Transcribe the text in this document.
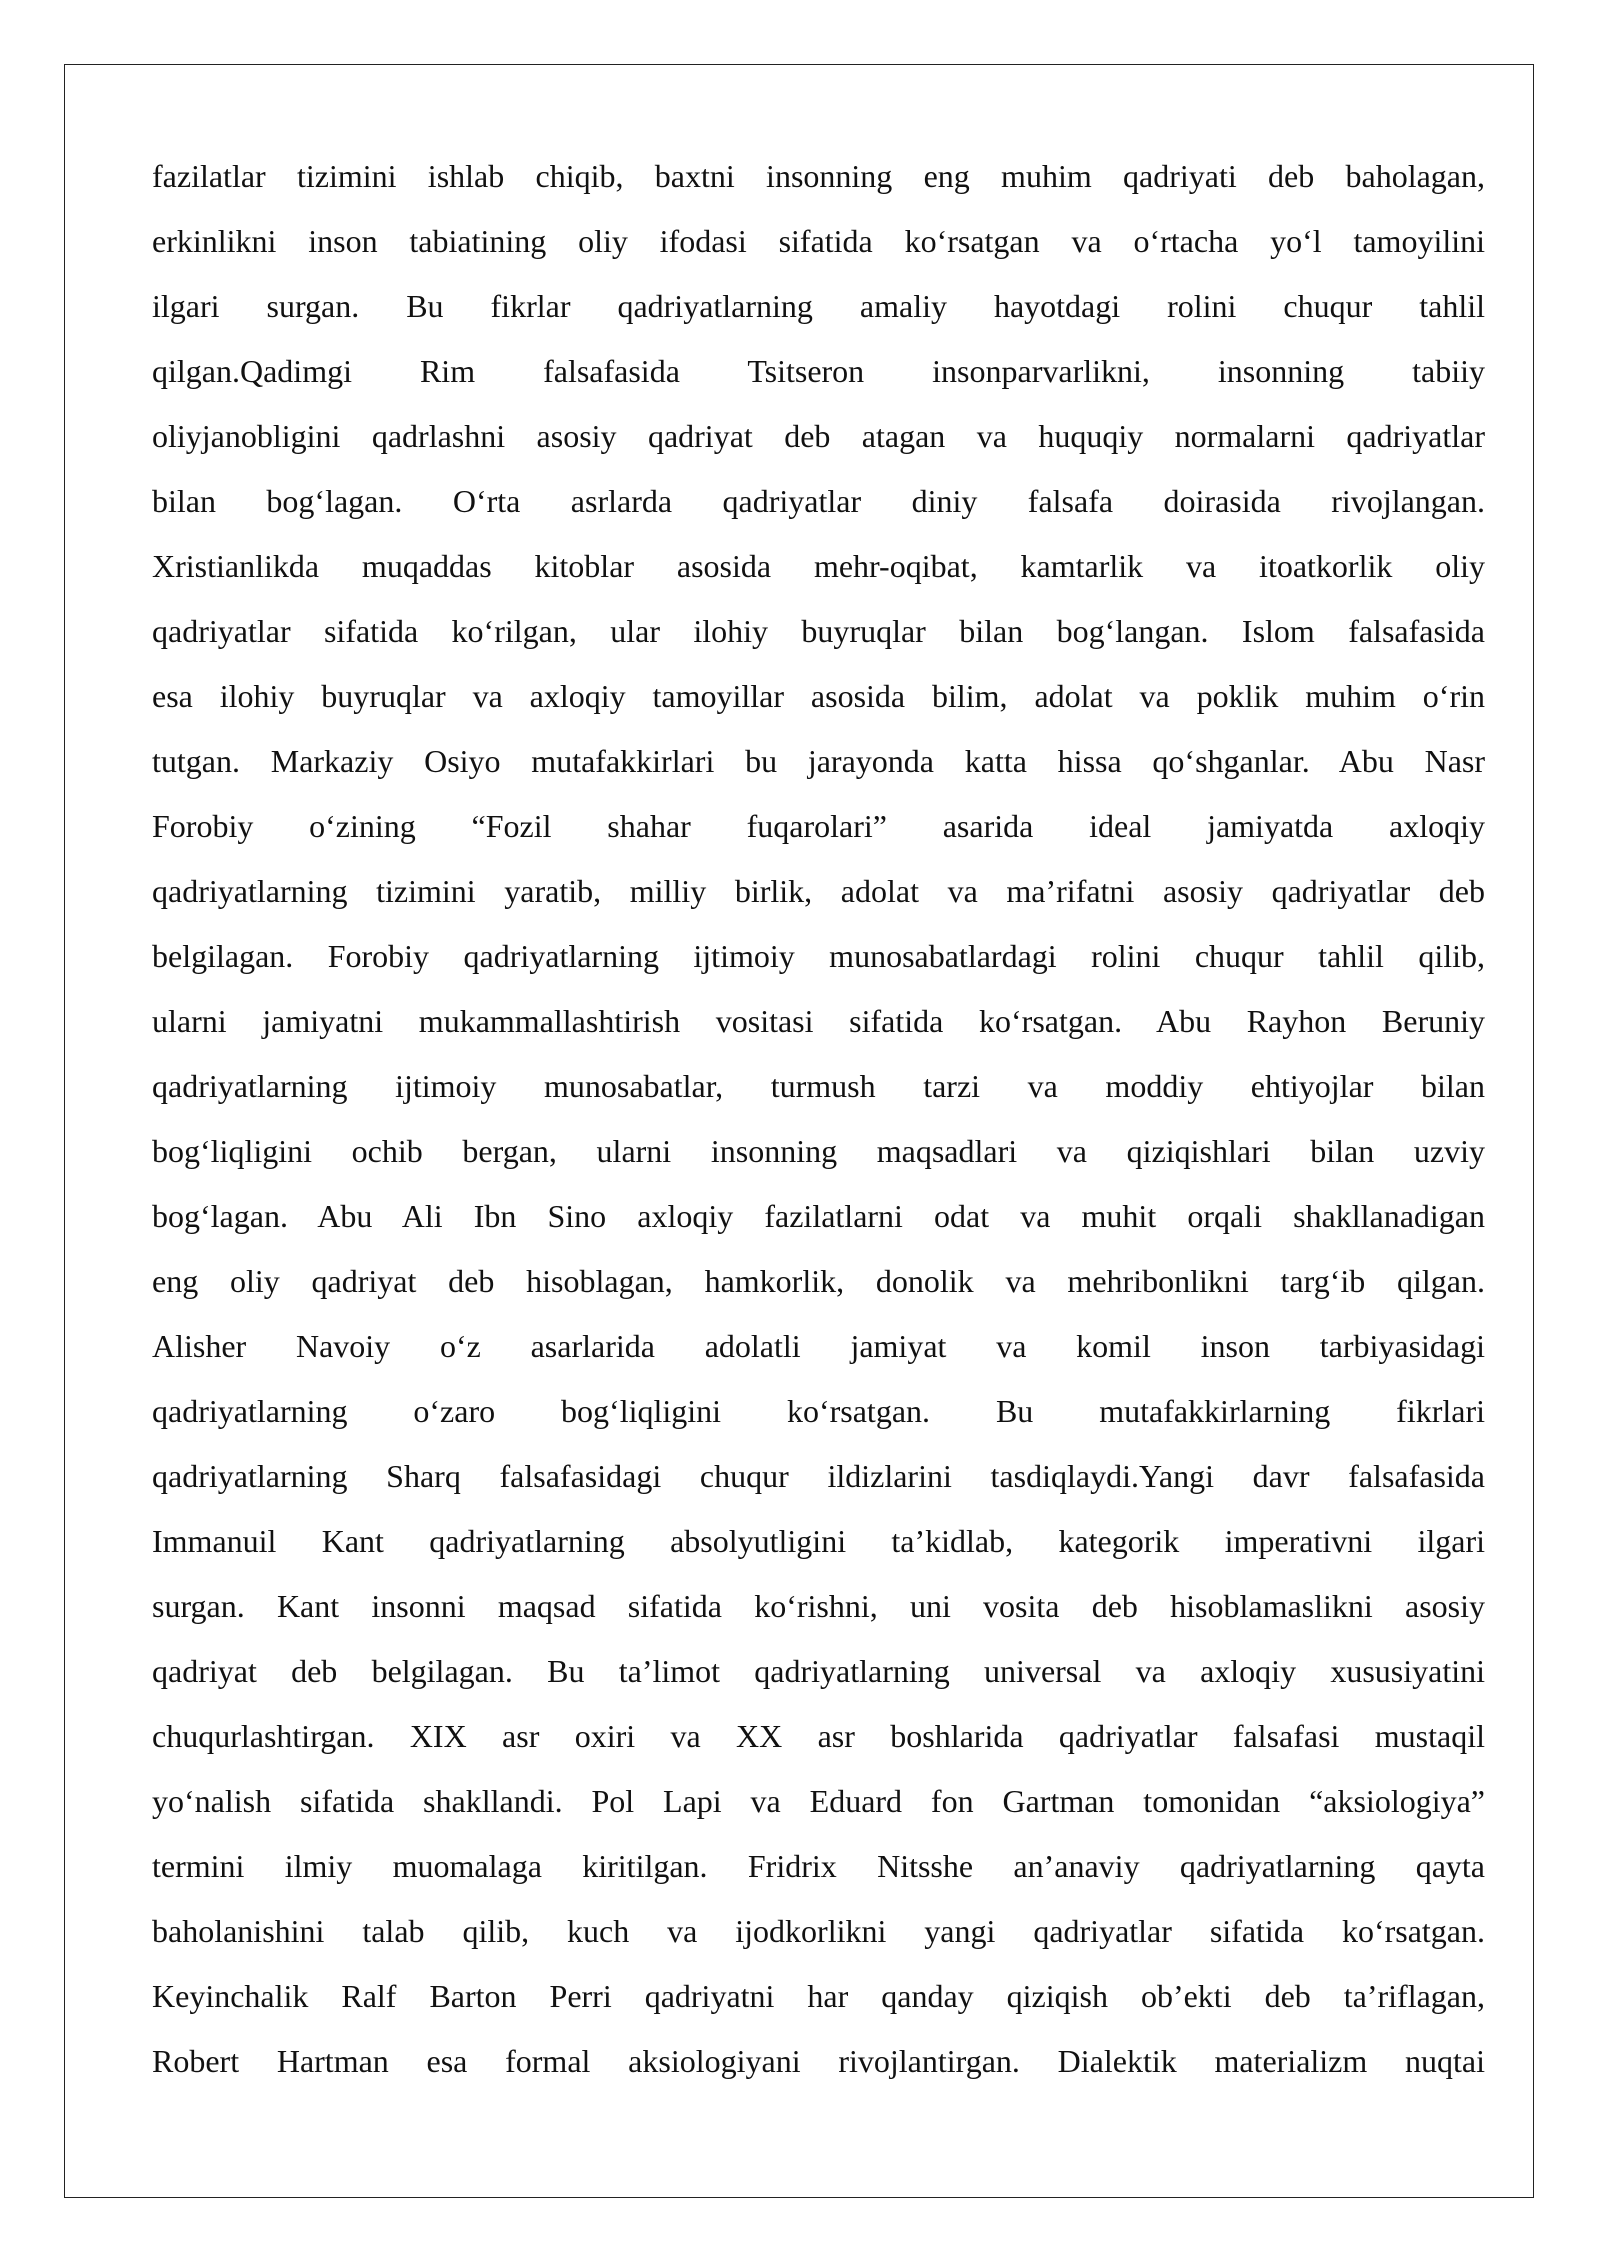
fazilatlar tizimini ishlab chiqib, baxtni insonning eng muhim qadriyati deb baholagan,
erkinlikni inson tabiatining oliy ifodasi sifatida ko‘rsatgan va o‘rtacha yo‘l tamoyilini
ilgari surgan. Bu fikrlar qadriyatlarning amaliy hayotdagi rolini chuqur tahlil
qilgan.Qadimgi Rim falsafasida Tsitseron insonparvarlikni, insonning tabiiy
oliyjanobligini qadrlashni asosiy qadriyat deb atagan va huquqiy normalarni qadriyatlar
bilan bog‘lagan. O‘rta asrlarda qadriyatlar diniy falsafa doirasida rivojlangan.
Xristianlikda muqaddas kitoblar asosida mehr-oqibat, kamtarlik va itoatkorlik oliy
qadriyatlar sifatida ko‘rilgan, ular ilohiy buyruqlar bilan bog‘langan. Islom falsafasida
esa ilohiy buyruqlar va axloqiy tamoyillar asosida bilim, adolat va poklik muhim o‘rin
tutgan. Markaziy Osiyo mutafakkirlari bu jarayonda katta hissa qo‘shganlar. Abu Nasr
Forobiy o‘zining “Fozil shahar fuqarolari” asarida ideal jamiyatda axloqiy
qadriyatlarning tizimini yaratib, milliy birlik, adolat va ma’rifatni asosiy qadriyatlar deb
belgilagan. Forobiy qadriyatlarning ijtimoiy munosabatlardagi rolini chuqur tahlil qilib,
ularni jamiyatni mukammallashtirish vositasi sifatida ko‘rsatgan. Abu Rayhon Beruniy
qadriyatlarning ijtimoiy munosabatlar, turmush tarzi va moddiy ehtiyojlar bilan
bog‘liqligini ochib bergan, ularni insonning maqsadlari va qiziqishlari bilan uzviy
bog‘lagan. Abu Ali Ibn Sino axloqiy fazilatlarni odat va muhit orqali shakllanadigan
eng oliy qadriyat deb hisoblagan, hamkorlik, donolik va mehribonlikni targ‘ib qilgan.
Alisher Navoiy o‘z asarlarida adolatli jamiyat va komil inson tarbiyasidagi
qadriyatlarning o‘zaro bog‘liqligini ko‘rsatgan. Bu mutafakkirlarning fikrlari
qadriyatlarning Sharq falsafasidagi chuqur ildizlarini tasdiqlaydi.Yangi davr falsafasida
Immanuil Kant qadriyatlarning absolyutligini ta’kidlab, kategorik imperativni ilgari
surgan. Kant insonni maqsad sifatida ko‘rishni, uni vosita deb hisoblamaslikni asosiy
qadriyat deb belgilagan. Bu ta’limot qadriyatlarning universal va axloqiy xususiyatini
chuqurlashtirgan. XIX asr oxiri va XX asr boshlarida qadriyatlar falsafasi mustaqil
yo‘nalish sifatida shakllandi. Pol Lapi va Eduard fon Gartman tomonidan “aksiologiya”
termini ilmiy muomalaga kiritilgan. Fridrix Nitsshe an’anaviy qadriyatlarning qayta
baholanishini talab qilib, kuch va ijodkorlikni yangi qadriyatlar sifatida ko‘rsatgan.
Keyinchalik Ralf Barton Perri qadriyatni har qanday qiziqish ob’ekti deb ta’riflagan,
Robert Hartman esa formal aksiologiyani rivojlantirgan. Dialektik materializm nuqtai
